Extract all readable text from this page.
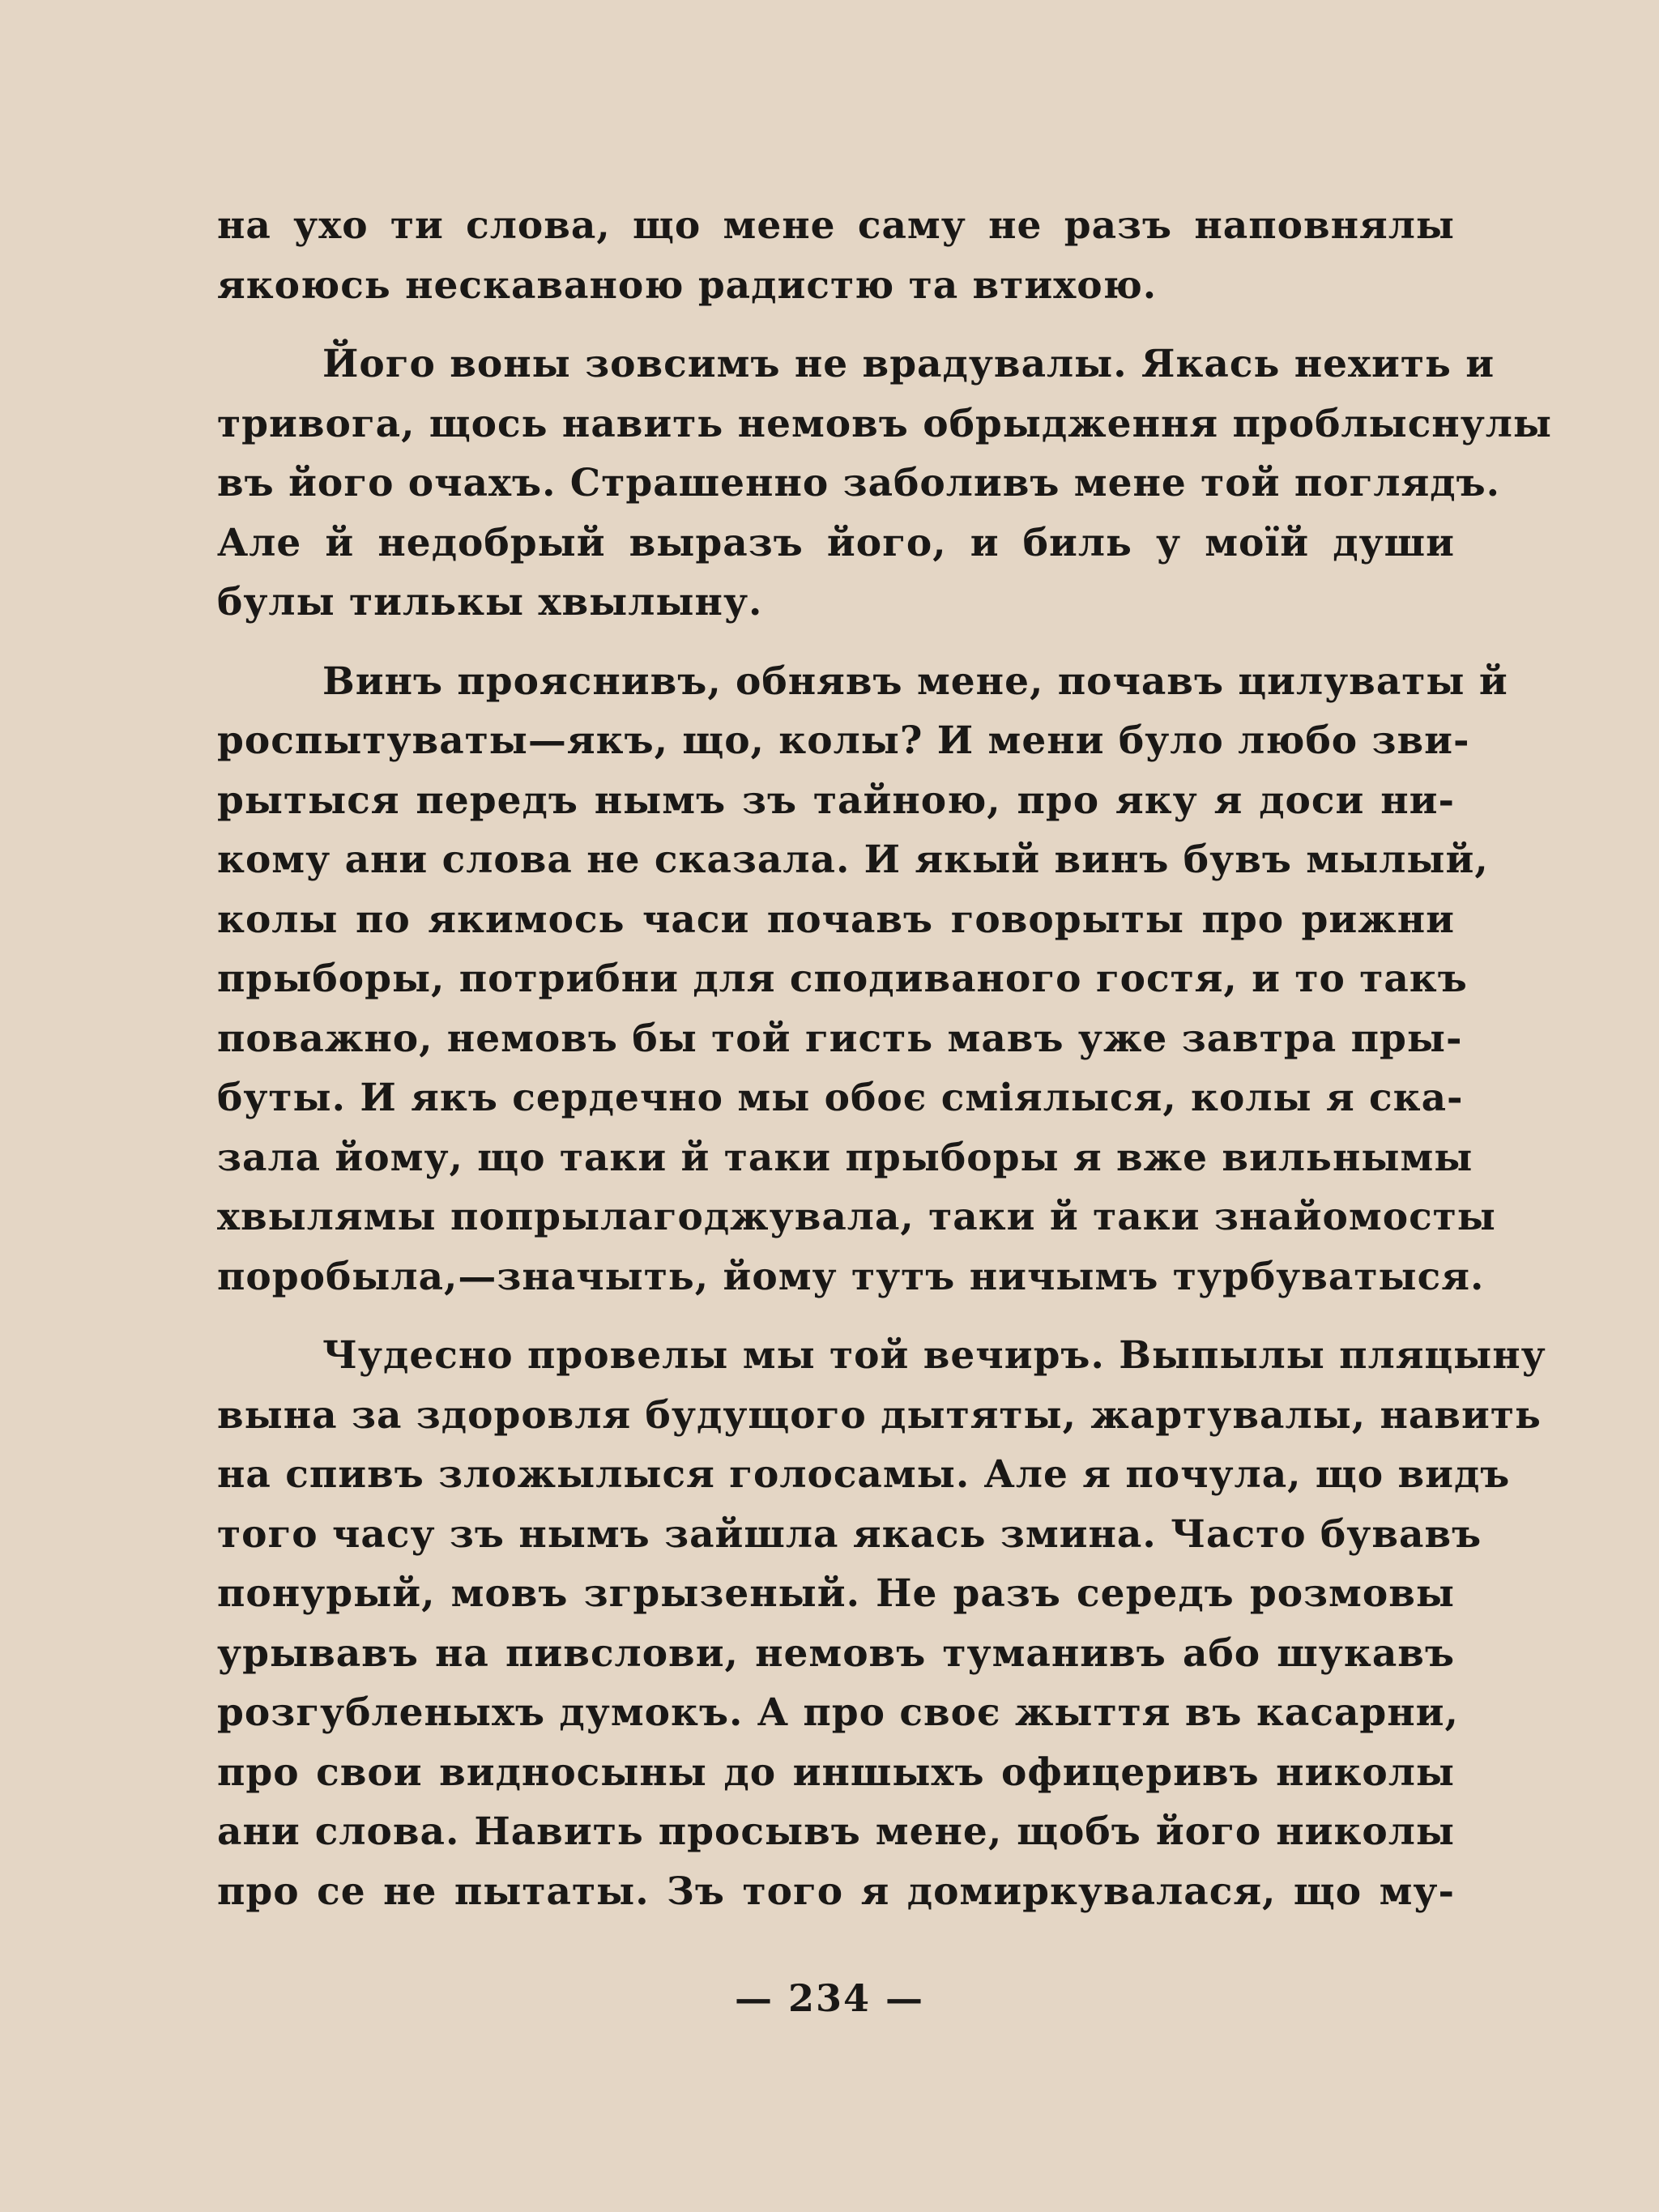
на ухо ти слова, що мене саму не разъ наповнялы
якоюсь нескаваною радистю та втихою.
Його воны зовсимъ не врадувалы. Якась нехить и
тривога, щось навить немовъ обрыдження проблыснулы
въ його очахъ. Страшенно заболивъ мене той поглядъ.
Але й недобрый выразъ його, и биль у моїй души
булы тилькы хвылыну.
Винъ прояснивъ, обнявъ мене, почавъ цилуваты й
роспытуваты—якъ, що, колы? И мени було любо зви-
рытыся передъ нымъ зъ тайною, про яку я доси ни-
кому ани слова не сказала. И якый винъ бувъ мылый,
колы по якимось часи почавъ говорыты про рижни
прыборы, потрибни для сподиваного гостя, и то такъ
поважно, немовъ бы той гисть мавъ уже завтра пры-
буты. И якъ сердечно мы обоє сміялыся, колы я ска-
зала йому, що таки й таки прыборы я вже вильнымы
хвылямы попрылагоджувала, таки й таки знайомосты
поробыла,—значыть, йому тутъ ничымъ турбуватыся.
Чудесно провелы мы той вечиръ. Выпылы пляцыну
вына за здоровля будущого дытяты, жартувалы, навить
на спивъ зложылыся голосамы. Але я почула, що видъ
того часу зъ нымъ зайшла якась змина. Часто бувавъ
понурый, мовъ згрызеный. Не разъ середъ розмовы
урывавъ на пивслови, немовъ туманивъ або шукавъ
розгубленыхъ думокъ. А про своє жыття въ касарни,
про свои видносыны до иншыхъ офицеривъ николы
ани слова. Навить просывъ мене, щобъ його николы
про се не пытаты. Зъ того я домиркувалася, що му-
— 234 —
